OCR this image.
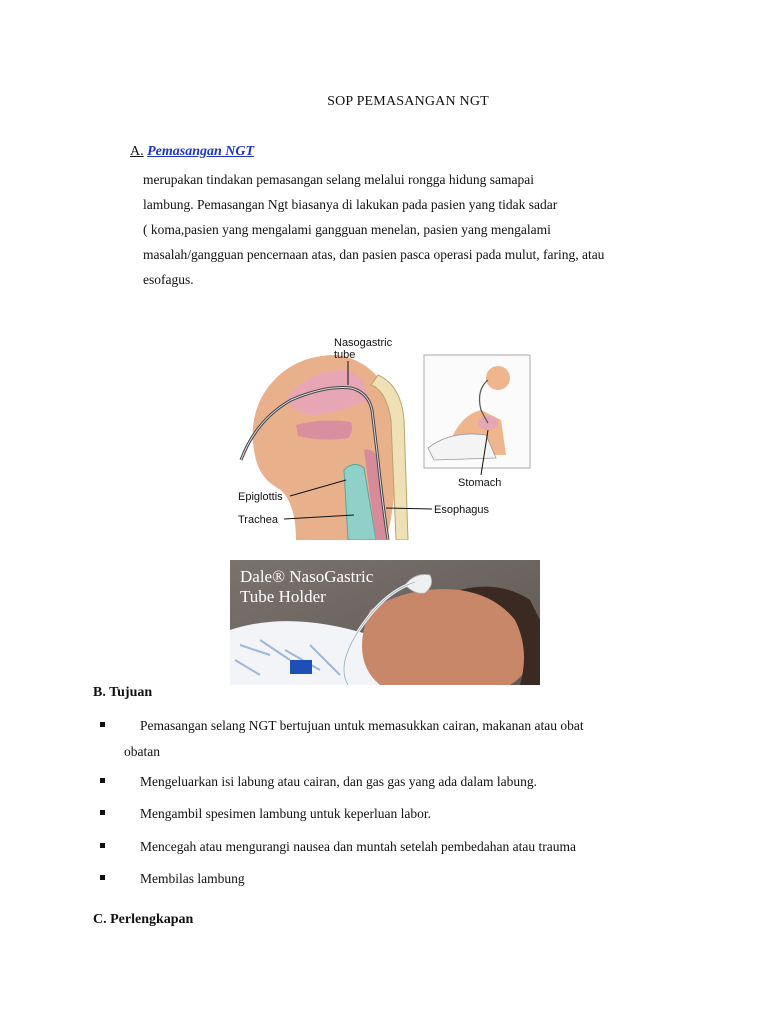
SOP PEMASANGAN NGT
A. Pemasangan NGT
merupakan tindakan pemasangan selang melalui rongga hidung samapai
lambung. Pemasangan Ngt biasanya di lakukan pada pasien yang tidak sadar
( koma,pasien yang mengalami gangguan menelan, pasien yang mengalami
masalah/gangguan pencernaan atas, dan pasien pasca operasi pada mulut, faring, atau
esofagus.
Nasogastric
tube
Epiglottis
Trachea
Esophagus
Stomach
Dale® NasoGastric
Tube Holder
B. Tujuan
Pemasangan selang NGT bertujuan untuk memasukkan cairan, makanan atau obat
obatan
Mengeluarkan isi labung atau cairan, dan gas gas yang ada dalam labung.
Mengambil spesimen lambung untuk keperluan labor.
Mencegah atau mengurangi nausea dan muntah setelah pembedahan atau trauma
Membilas lambung
C. Perlengkapan
